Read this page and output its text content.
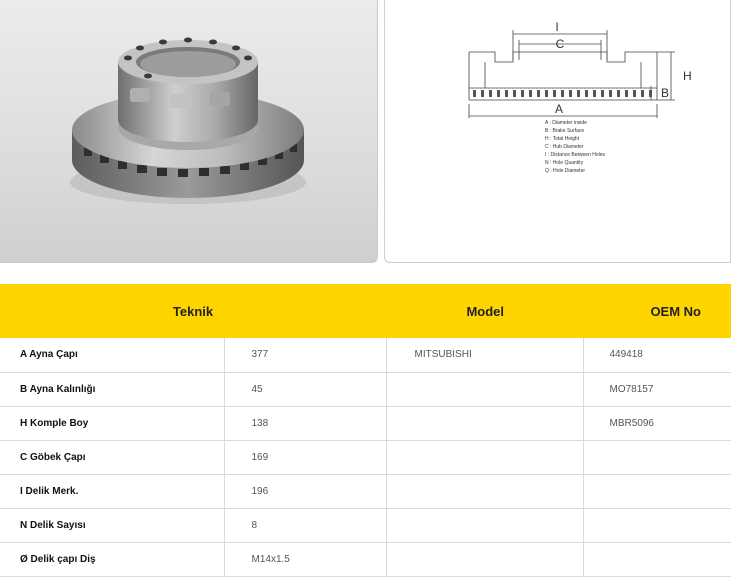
I
C
H
B
A
A : Diameter inside
B : Brake Surface
H : Total Height
C : Hub Diameter
I : Distance Between Holes
N : Hole Quantity
Q : Hole Diameter
Teknik		Model	OEM No
A Ayna Çapı	377	MITSUBISHI	449418
B Ayna Kalınlığı	45		MO78157
H Komple Boy	138		MBR5096
C Göbek Çapı	169		
I Delik Merk.	196		
N Delik Sayısı	8		
Ø Delik çapı Diş	M14x1.5		
